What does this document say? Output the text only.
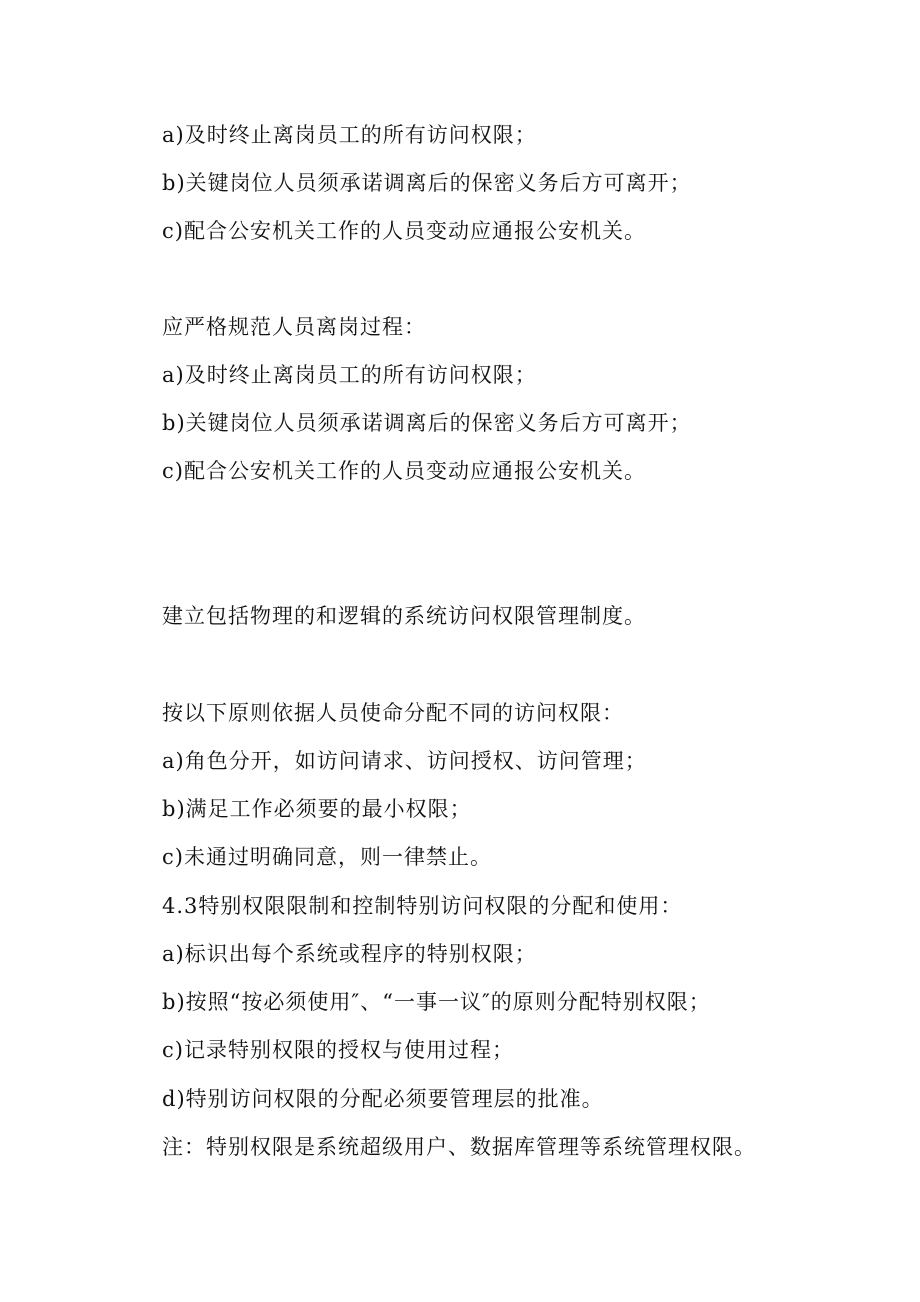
a)及时终止离岗员工的所有访问权限；
b)关键岗位人员须承诺调离后的保密义务后方可离开；
c)配合公安机关工作的人员变动应通报公安机关。
应严格规范人员离岗过程：
a)及时终止离岗员工的所有访问权限；
b)关键岗位人员须承诺调离后的保密义务后方可离开；
c)配合公安机关工作的人员变动应通报公安机关。
建立包括物理的和逻辑的系统访问权限管理制度。
按以下原则依据人员使命分配不同的访问权限：
a)角色分开，如访问请求、访问授权、访问管理；
b)满足工作必须要的最小权限；
c)未通过明确同意，则一律禁止。
4.3特别权限限制和控制特别访问权限的分配和使用：
a)标识出每个系统或程序的特别权限；
b)按照“按必须使用″、“一事一议″的原则分配特别权限；
c)记录特别权限的授权与使用过程；
d)特别访问权限的分配必须要管理层的批准。
注：特别权限是系统超级用户、数据库管理等系统管理权限。
